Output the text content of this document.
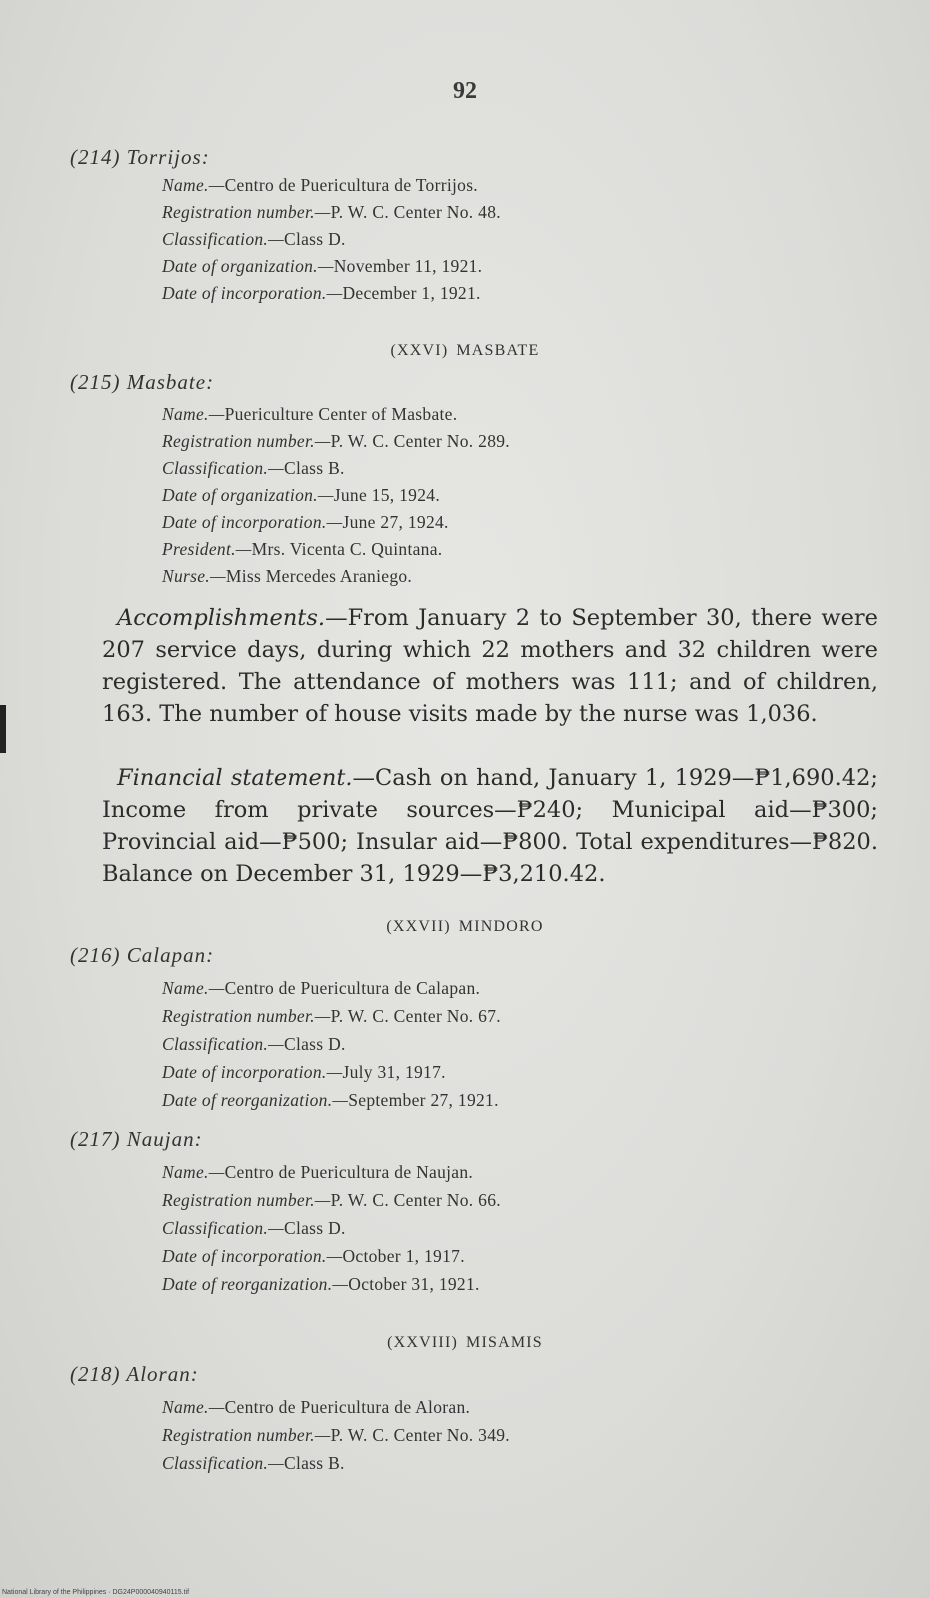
92
(214) Torrijos:
Name.—Centro de Puericultura de Torrijos.
Registration number.—P. W. C. Center No. 48.
Classification.—Class D.
Date of organization.—November 11, 1921.
Date of incorporation.—December 1, 1921.
(XXVI) MASBATE
(215) Masbate:
Name.—Puericulture Center of Masbate.
Registration number.—P. W. C. Center No. 289.
Classification.—Class B.
Date of organization.—June 15, 1924.
Date of incorporation.—June 27, 1924.
President.—Mrs. Vicenta C. Quintana.
Nurse.—Miss Mercedes Araniego.
Accomplishments.—From January 2 to September 30, there were 207 service days, during which 22 mothers and 32 children were registered. The attendance of mothers was 111; and of children, 163. The number of house visits made by the nurse was 1,036.
Financial statement.—Cash on hand, January 1, 1929—₱1,690.42; Income from private sources—₱240; Municipal aid—₱300; Provincial aid—₱500; Insular aid—₱800. Total expenditures—₱820. Balance on December 31, 1929—₱3,210.42.
(XXVII) MINDORO
(216) Calapan:
Name.—Centro de Puericultura de Calapan.
Registration number.—P. W. C. Center No. 67.
Classification.—Class D.
Date of incorporation.—July 31, 1917.
Date of reorganization.—September 27, 1921.
(217) Naujan:
Name.—Centro de Puericultura de Naujan.
Registration number.—P. W. C. Center No. 66.
Classification.—Class D.
Date of incorporation.—October 1, 1917.
Date of reorganization.—October 31, 1921.
(XXVIII) MISAMIS
(218) Aloran:
Name.—Centro de Puericultura de Aloran.
Registration number.—P. W. C. Center No. 349.
Classification.—Class B.
National Library of the Philippines · DG24P000040940115.tif
